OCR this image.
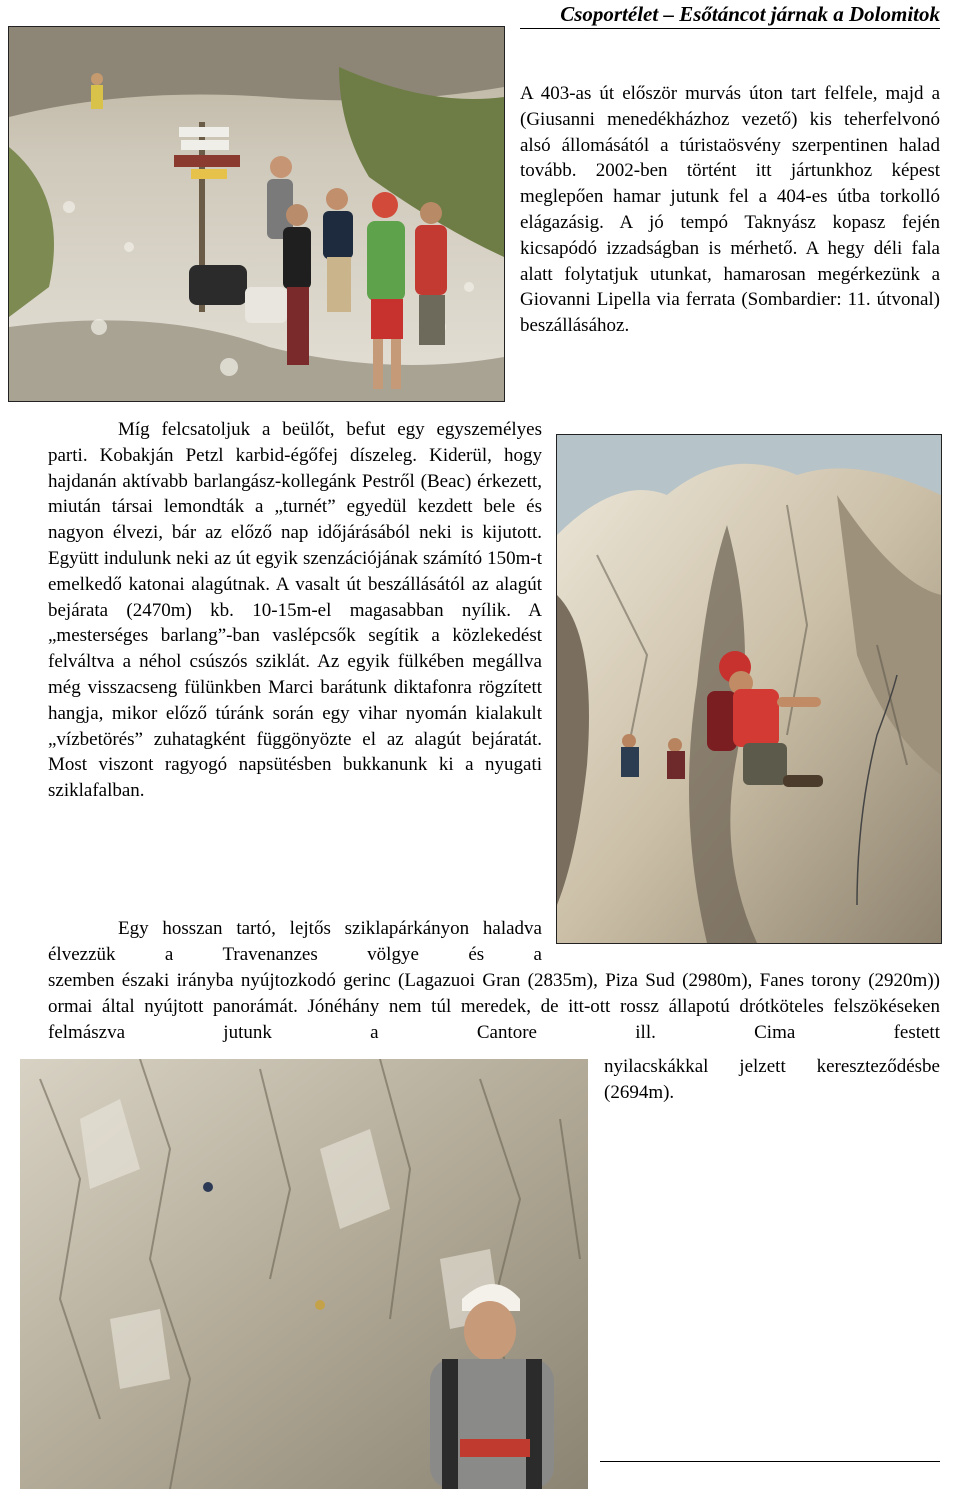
Csoportélet – Esőtáncot járnak a Dolomitok

A 403-as út először murvás úton tart felfele, majd a (Giusanni menedékházhoz vezető) kis teherfelvonó alsó állomásától a túristaösvény szerpentinen halad tovább. 2002-ben történt itt jártunkhoz képest meglepően hamar jutunk fel a 404-es útba torkolló elágazásig. A jó tempó Taknyász kopasz fején kicsapódó izzadságban is mérhető. A hegy déli fala alatt folytatjuk utunkat, hamarosan megérkezünk a Giovanni Lipella via ferrata (Sombardier: 11. útvonal) beszállásához.

Míg felcsatoljuk a beülőt, befut egy egyszemélyes parti. Kobakján Petzl karbid-égőfej díszeleg. Kiderül, hogy hajdanán aktívabb barlangász-kollegánk Pestről (Beac) érkezett, miután társai lemondták a „turnét” egyedül kezdett bele és nagyon élvezi, bár az előző nap időjárásából neki is kijutott. Együtt indulunk neki az út egyik szenzációjának számító 150m-t emelkedő katonai alagútnak. A vasalt út beszállásától az alagút bejárata (2470m) kb. 10-15m-el magasabban nyílik. A „mesterséges barlang”-ban vaslépcsők segítik a közlekedést felváltva a néhol csúszós sziklát. Az egyik fülkében megállva még visszacseng fülünkben Marci barátunk diktafonra rögzített hangja, mikor előző túránk során egy vihar nyomán kialakult „vízbetörés” zuhatagként függönyözte el az alagút bejáratát. Most viszont ragyogó napsütésben bukkanunk ki a nyugati sziklafalban.

Egy hosszan tartó, lejtős sziklapárkányon haladva élvezzük a Travenanzes völgye és a

szemben északi irányba nyújtozkodó gerinc (Lagazuoi Gran (2835m), Piza Sud (2980m), Fanes torony (2920m)) ormai által nyújtott panorámát. Jónéhány nem túl meredek, de itt-ott rossz állapotú drótköteles felszökéseken felmászva jutunk a Cantore ill. Cima festett

nyilacskákkal jelzett kereszteződésbe (2694m).
